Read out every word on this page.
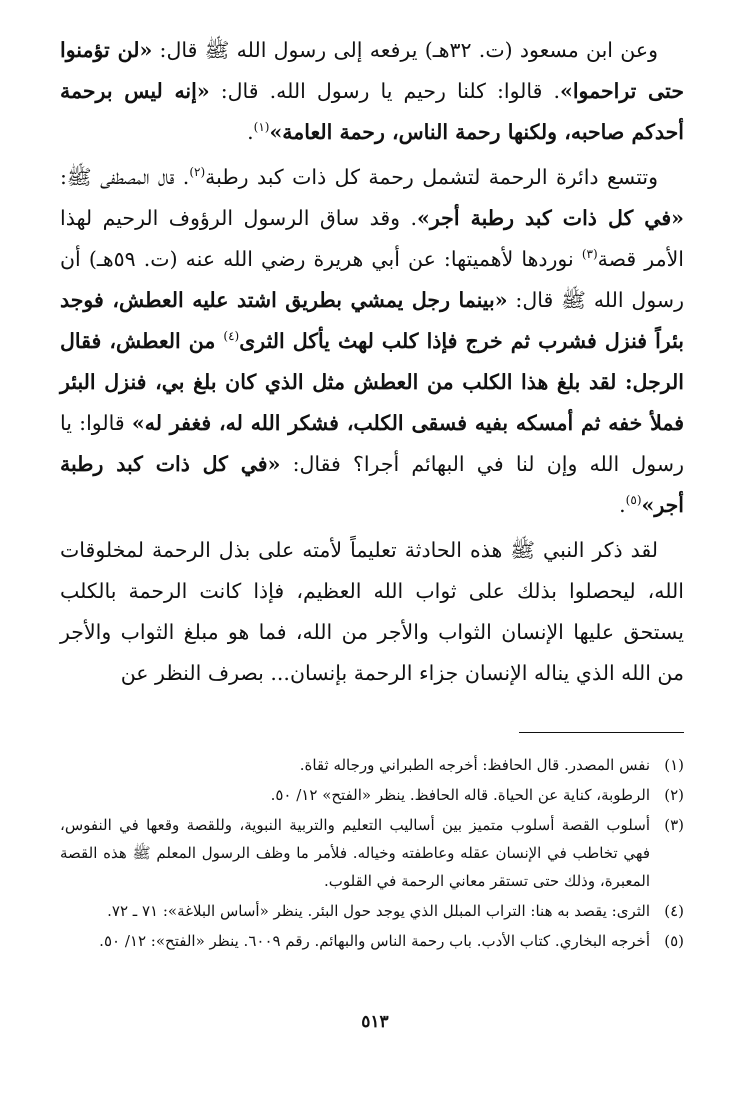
وعن ابن مسعود (ت. ٣٢هـ) يرفعه إلى رسول الله ﷺ قال: «لن تؤمنوا حتى تراحموا». قالوا: كلنا رحيم يا رسول الله. قال: «إنه ليس برحمة أحدكم صاحبه، ولكنها رحمة الناس، رحمة العامة»$^{(١)}$.

وتتسع دائرة الرحمة لتشمل رحمة كل ذات كبد رطبة$^{(٢)}$. قال المصطفى ﷺ: «في كل ذات كبد رطبة أجر». وقد ساق الرسول الرؤوف الرحيم لهذا الأمر قصة$^{(٣)}$ نوردها لأهميتها: عن أبي هريرة رضي الله عنه (ت. ٥٩هـ) أن رسول الله ﷺ قال: «بينما رجل يمشي بطريق اشتد عليه العطش، فوجد بئراً فنزل فشرب ثم خرج فإذا كلب لهث يأكل الثرى$^{(٤)}$ من العطش، فقال الرجل: لقد بلغ هذا الكلب من العطش مثل الذي كان بلغ بي، فنزل البئر فملأ خفه ثم أمسكه بفيه فسقى الكلب، فشكر الله له، فغفر له» قالوا: يا رسول الله وإن لنا في البهائم أجرا؟ فقال: «في كل ذات كبد رطبة أجر»$^{(٥)}$.

لقد ذكر النبي ﷺ هذه الحادثة تعليماً لأمته على بذل الرحمة لمخلوقات الله، ليحصلوا بذلك على ثواب الله العظيم، فإذا كانت الرحمة بالكلب يستحق عليها الإنسان الثواب والأجر من الله، فما هو مبلغ الثواب والأجر من الله الذي يناله الإنسان جزاء الرحمة بإنسان... بصرف النظر عن

(١)
نفس المصدر. قال الحافظ: أخرجه الطبراني ورجاله ثقاة.
(٢)
الرطوبة، كناية عن الحياة. قاله الحافظ. ينظر «الفتح» ١٢/ ٥٠.
(٣)
أسلوب القصة أسلوب متميز بين أساليب التعليم والتربية النبوية، وللقصة وقعها في النفوس، فهي تخاطب في الإنسان عقله وعاطفته وخياله. فلأمر ما وظف الرسول المعلم ﷺ هذه القصة المعبرة، وذلك حتى تستقر معاني الرحمة في القلوب.
(٤)
الثرى: يقصد به هنا: التراب المبلل الذي يوجد حول البئر. ينظر «أساس البلاغة»: ٧١ ـ ٧٢.
(٥)
أخرجه البخاري. كتاب الأدب. باب رحمة الناس والبهائم. رقم ٦٠٠٩. ينظر «الفتح»: ١٢/ ٥٠.
٥١٣
